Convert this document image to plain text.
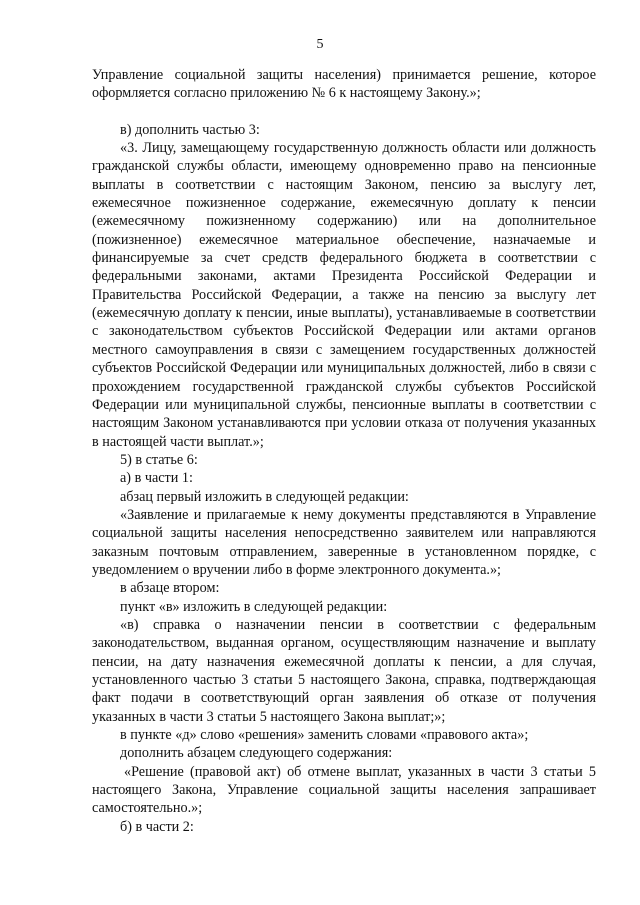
5

Управление социальной защиты населения) принимается решение, которое оформляется согласно приложению № 6 к настоящему Закону.»;

в) дополнить частью 3:

«3. Лицу, замещающему государственную должность области или должность гражданской службы области, имеющему одновременно право на пенсионные выплаты в соответствии с настоящим Законом, пенсию за выслугу лет, ежемесячное пожизненное содержание, ежемесячную доплату к пенсии (ежемесячному пожизненному содержанию) или на дополнительное (пожизненное) ежемесячное материальное обеспечение, назначаемые и финансируемые за счет средств федерального бюджета в соответствии с федеральными законами, актами Президента Российской Федерации и Правительства Российской Федерации, а также на пенсию за выслугу лет (ежемесячную доплату к пенсии, иные выплаты), устанавливаемые в соответствии с законодательством субъектов Российской Федерации или актами органов местного самоуправления в связи с замещением государственных должностей субъектов Российской Федерации или муниципальных должностей, либо в связи с прохождением государственной гражданской службы субъектов Российской Федерации или муниципальной службы, пенсионные выплаты в соответствии с настоящим Законом устанавливаются при условии отказа от получения указанных в настоящей части выплат.»;

5) в статье 6:

а) в части 1:

абзац первый изложить в следующей редакции:

«Заявление и прилагаемые к нему документы представляются в Управление социальной защиты населения непосредственно заявителем или направляются заказным почтовым отправлением, заверенные в установленном порядке, с уведомлением о вручении либо в форме электронного документа.»;

в абзаце втором:

пункт «в» изложить в следующей редакции:

«в) справка о назначении пенсии в соответствии с федеральным законодательством, выданная органом, осуществляющим назначение и выплату пенсии, на дату назначения ежемесячной доплаты к пенсии, а для случая, установленного частью 3 статьи 5 настоящего Закона, справка, подтверждающая факт подачи в соответствующий орган заявления об отказе от получения указанных в части 3 статьи 5 настоящего Закона выплат;»;

в пункте «д» слово «решения» заменить словами «правового акта»;

дополнить абзацем следующего содержания:

«Решение (правовой акт) об отмене выплат, указанных в части 3 статьи 5 настоящего Закона, Управление социальной защиты населения запрашивает самостоятельно.»;

б) в части 2:
